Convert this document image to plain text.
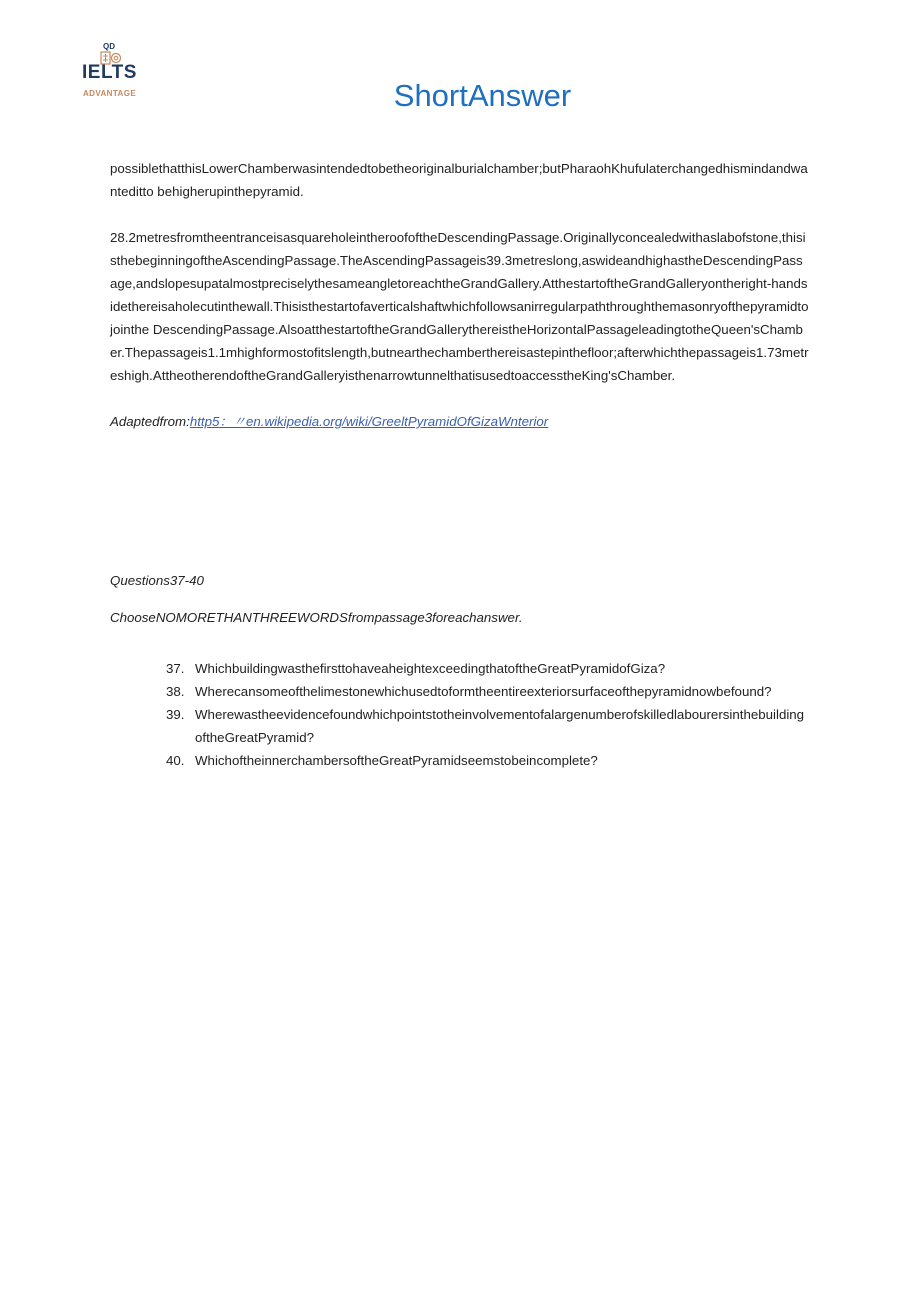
QD
IELTS
ADVANTAGE	ShortAnswer

possiblethatthisLowerChamberwasintendedtobetheoriginalburialchamber;butPharaohKhufulaterchangedhismindandwanteditto behigherupinthepyramid.

28.2metresfromtheentranceisasquareholeintheroofoftheDescendingPassage.Originallyconcealedwithaslabofstone,thisisthebeginningoftheAscendingPassage.TheAscendingPassageis39.3metreslong,aswideandhighastheDescendingPassage,andslopesupatalmostpreciselythesameangletoreachtheGrandGallery.AtthestartoftheGrandGalleryontheright-handsidethereisaholecutinthewall.Thisisthestartofaverticalshaftwhichfollowsanirregularpaththroughthemasonryofthepyramidtojointhe DescendingPassage.AlsoatthestartoftheGrandGallerythereistheHorizontalPassageleadingtotheQueen'sChamber.Thepassageis1.1mhighformostofitslength,butnearthechamberthereisastepinthefloor;afterwhichthepassageis1.73metreshigh.AttheotherendoftheGrandGalleryisthenarrowtunnelthatisusedtoaccesstheKing'sChamber.

Adaptedfrom:http5：〃en.wikipedia.org/wiki/GreeltPyramidOfGizaWnterior

Questions37-40
ChooseNOMORETHANTHREEWORDSfrompassage3foreachanswer.
37. WhichbuildingwasthefirsttohaveaheightexceedingthatoftheGreatPyramidofGiza?
38. Wherecansomeofthelimestonewhichusedtoformtheentireexteriorsurfaceofthepyramidnowbefound?
39. WherewastheevidencefoundwhichpointstotheinvolvementofalargenumberofskilledlabourersinthebuildingoftheGreatPyramid?
40. WhichoftheinnerchambersoftheGreatPyramidseemstobeincomplete?
